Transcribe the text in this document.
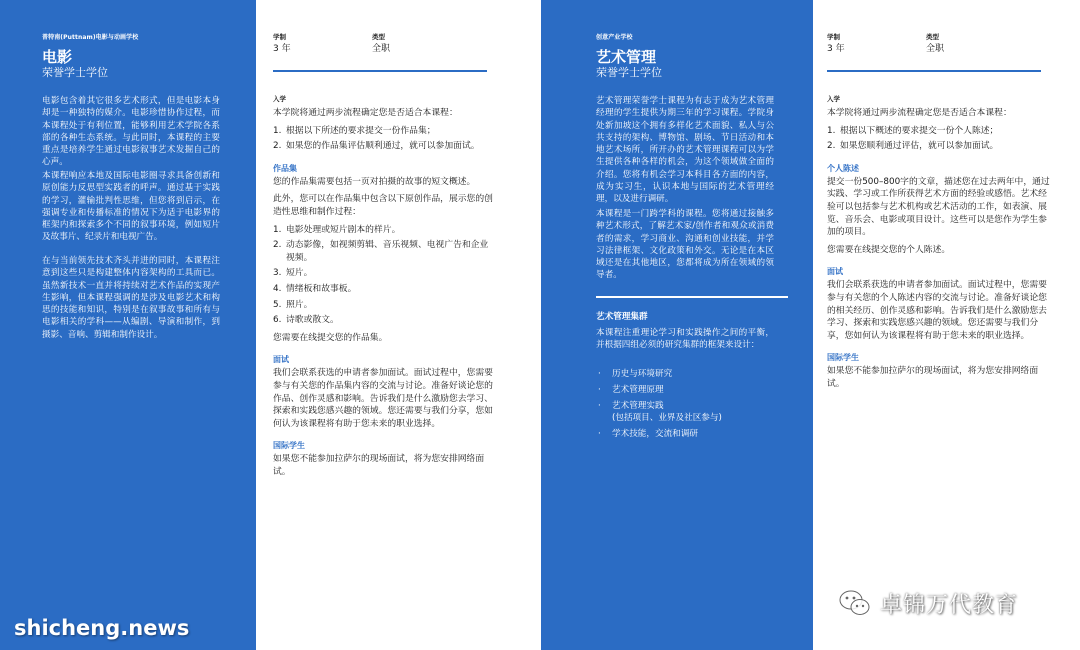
普特南(Puttnam)电影与动画学校
电影
荣誉学士学位

电影包含着其它很多艺术形式，但是电影本身却是一种独特的媒介。电影珍惜协作过程，而本课程处于有利位置，能够利用艺术学院各系部的各种生态系统。与此同时，本课程的主要重点是培养学生通过电影叙事艺术发掘自己的心声。

本课程响应本地及国际电影圈寻求具备创新和原创能力反思型实践者的呼声。通过基于实践的学习，灌输批判性思维，但您将到启示，在强调专业和传播标准的情况下为适于电影界的框架内和探索多个不同的叙事环境，例如短片及故事片、纪录片和电视广告。

在与当前领先技术齐头并进的同时，本课程注意到这些只是构建整体内容架构的工具而已。虽然新技术一直并将持续对艺术作品的实现产生影响，但本课程强调的是涉及电影艺术和构思的技能和知识，特别是在叙事故事和所有与电影相关的学科——从编剧、导演和制作，到摄影、音响、剪辑和制作设计。

学制
3 年
类型
全职
入学

本学院将通过两步流程确定您是否适合本课程：

1. 根据以下所述的要求提交一份作品集；
2. 如果您的作品集评估顺利通过，就可以参加面试。
作品集

您的作品集需要包括一页对拍摄的故事的短文概述。

此外，您可以在作品集中包含以下原创作品，展示您的创造性思维和制作过程：

1. 电影处理或短片剧本的样片。
2. 动态影像，如视频剪辑、音乐视频、电视广告和企业视频。
3. 短片。
4. 情绪板和故事板。
5. 照片。
6. 诗歌或散文。

您需要在线提交您的作品集。

面试

我们会联系获选的申请者参加面试。面试过程中，您需要参与有关您的作品集内容的交流与讨论。准备好谈论您的作品、创作灵感和影响。告诉我们是什么激励您去学习、探索和实践您感兴趣的领域。您还需要与我们分享，您如何认为该课程将有助于您未来的职业选择。

国际学生

如果您不能参加拉萨尔的现场面试，将为您安排网络面试。

创意产业学校
艺术管理
荣誉学士学位

艺术管理荣誉学士课程为有志于成为艺术管理经理的学生提供为期三年的学习课程。学院身处新加坡这个拥有多样化艺术面貌、私人与公共支持的架构、博物馆、剧场、节日活动和本地艺术场所，所开办的艺术管理课程可以为学生提供各种各样的机会，为这个领域做全面的介绍。您将有机会学习本科目各方面的内容，成为实习生，认识本地与国际的艺术管理经理，以及进行调研。

本课程是一门跨学科的课程。您将通过接触多种艺术形式，了解艺术家/创作者和观众或消费者的需求，学习商业、沟通和创业技能，并学习法律框架、文化政策和外交。无论是在本区域还是在其他地区，您都将成为所在领域的领导者。

艺术管理集群

本课程注重理论学习和实践操作之间的平衡，并根据四组必须的研究集群的框架来设计：

· 历史与环境研究
· 艺术管理原理
· 艺术管理实践
(包括项目、业界及社区参与)
· 学术技能，交流和调研
学制
3 年
类型
全职
入学

本学院将通过两步流程确定您是否适合本课程：

1. 根据以下概述的要求提交一份个人陈述；
2. 如果您顺利通过评估，就可以参加面试。
个人陈述

提交一份500–800字的文章，描述您在过去两年中，通过实践、学习或工作所获得艺术方面的经验或感悟。艺术经验可以包括参与艺术机构或艺术活动的工作，如表演、展览、音乐会、电影或项目设计。这些可以是您作为学生参加的项目。

您需要在线提交您的个人陈述。

面试

我们会联系获选的申请者参加面试。面试过程中，您需要参与有关您的个人陈述内容的交流与讨论。准备好谈论您的相关经历、创作灵感和影响。告诉我们是什么激励您去学习、探索和实践您感兴趣的领域。您还需要与我们分享，您如何认为该课程将有助于您未来的职业选择。

国际学生

如果您不能参加拉萨尔的现场面试，将为您安排网络面试。

shicheng.news
卓锦万代教育
